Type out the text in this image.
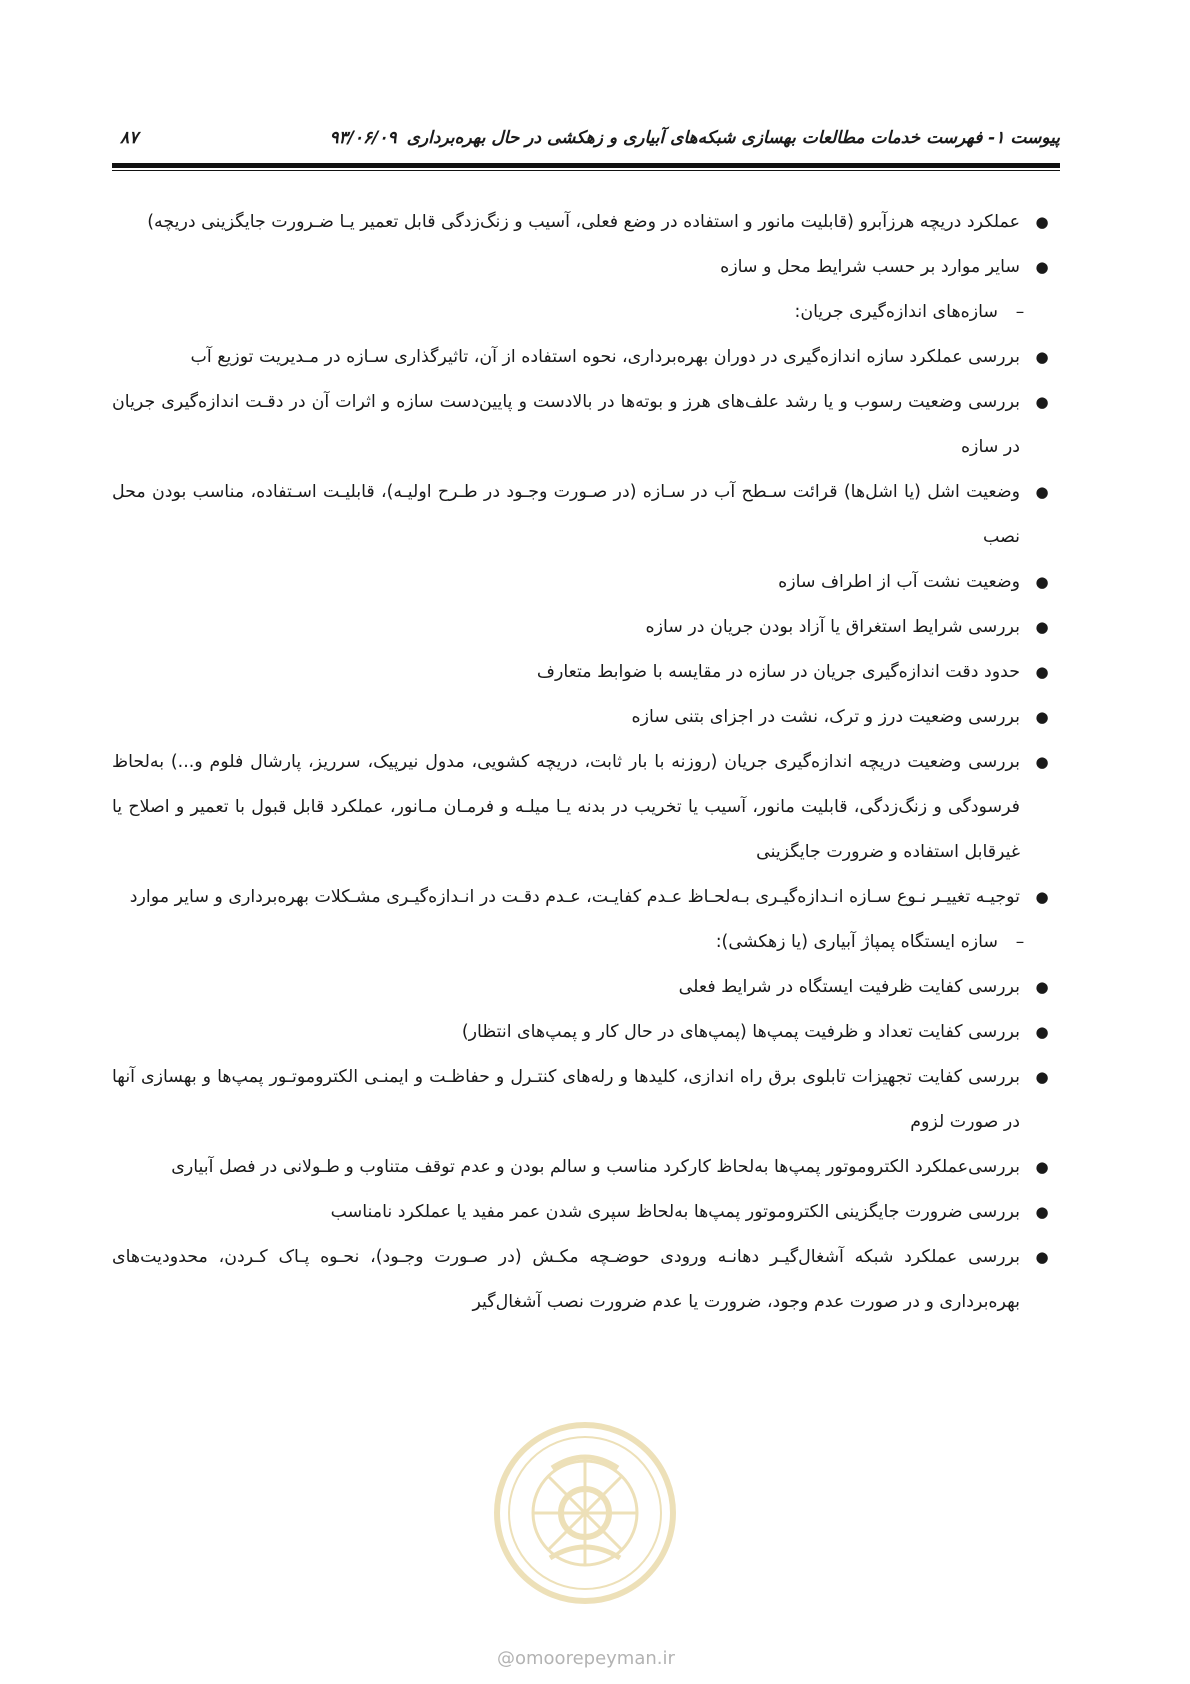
پیوست ۱- فهرست خدمات مطالعات بهسازی شبکه‌های آبیاری و زهکشی در حال بهره‌برداری۹۳/۰۶/۰۹
۸۷

●
عملکرد دریچه هرزآبرو (قابلیت مانور و استفاده در وضع فعلی، آسیب و زنگ‌زدگی قابل تعمیر یـا ضـرورت جایگزینی دریچه)

●
سایر موارد بر حسب شرایط محل و سازه

–
سازه‌های اندازه‌گیری جریان:

●
بررسی عملکرد سازه اندازه‌گیری در دوران بهره‌برداری، نحوه استفاده از آن، تاثیرگذاری سـازه در مـدیریت توزیع آب

●
بررسی وضعیت رسوب و یا رشد علف‌های هرز و بوته‌ها در بالادست و پایین‌دست سازه و اثرات آن در دقـت اندازه‌گیری جریان در سازه

●
وضعیت اشل (یا اشل‌ها) قرائت سـطح آب در سـازه (در صـورت وجـود در طـرح اولیـه)، قابلیـت اسـتفاده، مناسب بودن محل نصب

●
وضعیت نشت آب از اطراف سازه

●
بررسی شرایط استغراق یا آزاد بودن جریان در سازه

●
حدود دقت اندازه‌گیری جریان در سازه در مقایسه با ضوابط متعارف

●
بررسی وضعیت درز و ترک، نشت در اجزای بتنی سازه

●
بررسی وضعیت دریچه اندازه‌گیری جریان (روزنه با بار ثابت، دریچه کشویی، مدول نیرپیک، سرریز، پارشال فلوم و...) به‌لحاظ فرسودگی و زنگ‌زدگی، قابلیت مانور، آسیب یا تخریب در بدنه یـا میلـه و فرمـان مـانور، عملکرد قابل قبول با تعمیر و اصلاح یا غیرقابل استفاده و ضرورت جایگزینی

●
توجیـه تغییـر نـوع سـازه انـدازه‌گیـری بـه‌لحـاظ عـدم کفایـت، عـدم دقـت در انـدازه‌گیـری مشـکلات بهره‌برداری و سایر موارد

–
سازه ایستگاه پمپاژ آبیاری (یا زهکشی):

●
بررسی کفایت ظرفیت ایستگاه در شرایط فعلی

●
بررسی کفایت تعداد و ظرفیت پمپ‌ها (پمپ‌های در حال کار و پمپ‌های انتظار)

●
بررسی کفایت تجهیزات تابلوی برق راه اندازی، کلیدها و رله‌های کنتـرل و حفاظـت و ایمنـی الکتروموتـور پمپ‌ها و بهسازی آنها در صورت لزوم

●
بررسی‌عملکرد الکتروموتور پمپ‌ها به‌لحاظ کارکرد مناسب و سالم بودن و عدم توقف متناوب و طـولانی در فصل آبیاری

●
بررسی ضرورت جایگزینی الکتروموتور پمپ‌ها به‌لحاظ سپری شدن عمر مفید یا عملکرد نامناسب

●
بررسی عملکرد شبکه آشغال‌گیـر دهانـه ورودی حوضـچه مکـش (در صـورت وجـود)، نحـوه پـاک کـردن، محدودیت‌های بهره‌برداری و در صورت عدم وجود، ضرورت یا عدم ضرورت نصب آشغال‌گیر

@omoorepeyman.ir
